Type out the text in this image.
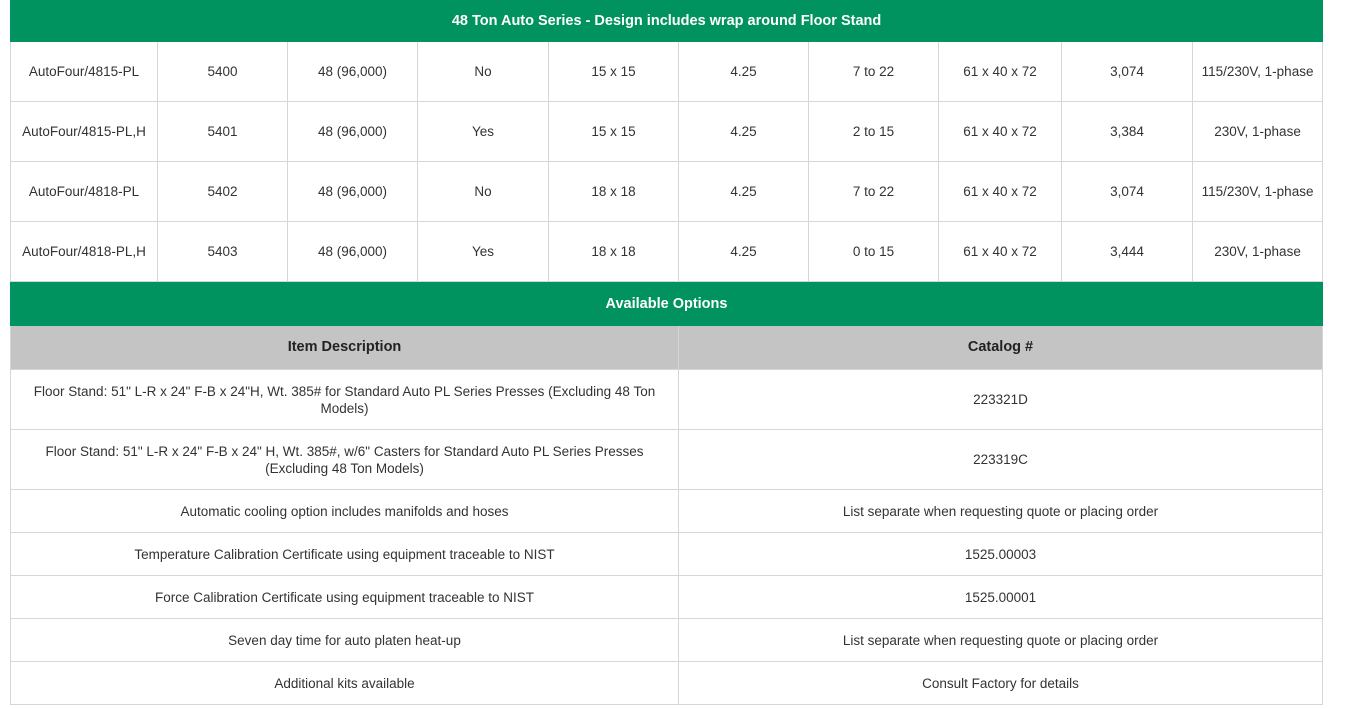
48 Ton Auto Series - Design includes wrap around Floor Stand									
AutoFour/4815-PL	5400	48 (96,000)	No	15 x 15	4.25	7 to 22	61 x 40 x 72	3,074	115/230V, 1-phase
AutoFour/4815-PL,H	5401	48 (96,000)	Yes	15 x 15	4.25	2 to 15	61 x 40 x 72	3,384	230V, 1-phase
AutoFour/4818-PL	5402	48 (96,000)	No	18 x 18	4.25	7 to 22	61 x 40 x 72	3,074	115/230V, 1-phase
AutoFour/4818-PL,H	5403	48 (96,000)	Yes	18 x 18	4.25	0 to 15	61 x 40 x 72	3,444	230V, 1-phase
Available Options	
Item Description	Catalog #
Floor Stand: 51" L-R x 24" F-B x 24"H, Wt. 385# for Standard Auto PL Series Presses (Excluding 48 Ton Models)	223321D
Floor Stand: 51" L-R x 24" F-B x 24" H, Wt. 385#, w/6" Casters for Standard Auto PL Series Presses (Excluding 48 Ton Models)	223319C
Automatic cooling option includes manifolds and hoses	List separate when requesting quote or placing order
Temperature Calibration Certificate using equipment traceable to NIST	1525.00003
Force Calibration Certificate using equipment traceable to NIST	1525.00001
Seven day time for auto platen heat-up	List separate when requesting quote or placing order
Additional kits available	Consult Factory for details
